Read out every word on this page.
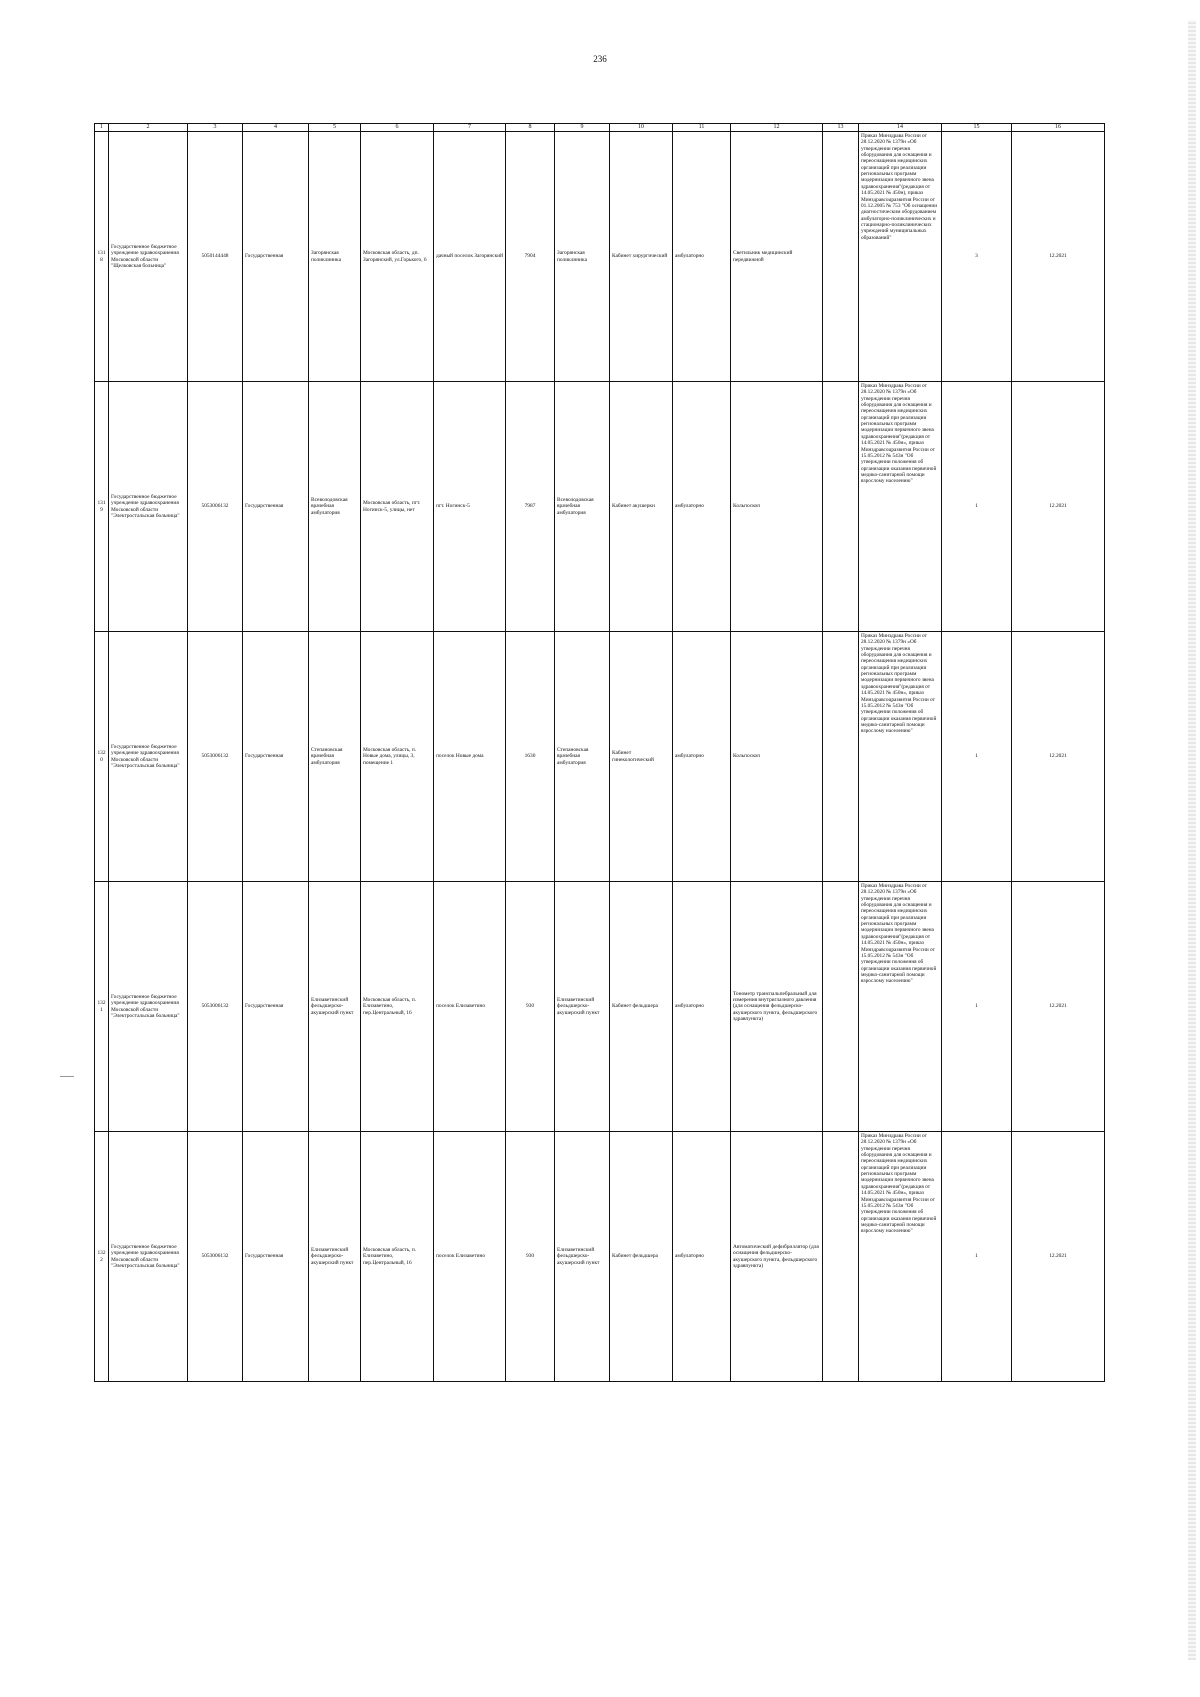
236
1	2	3	4	5	6	7	8	9	10	11	12	13	14	15	16
1318	Государственное бюджетное учреждение здравоохранения Московской области "Щелковская больница"	5050144448	Государственная	Загорянская поликлиника	Московская область, дп. Загорянский, ул.Горького, 6	дачный поселок Загорянский	7904	Загорянская поликлиника	Кабинет хирургический	амбулаторно	Светильник медицинский передвижной		Приказ Минздрава России от 28.12.2020 № 1379н «Об утверждении перечня оборудования для оснащения и переоснащения медицинских организаций при реализации региональных программ модернизации первичного звена здравоохранения"(редакция от 14.05.2021 № 450н), приказ Минздравсоцразвития России от 01.12.2005 № 753 "Об оснащении диагностическим оборудованием амбулаторно-поликлинических и стационарно-поликлинических учреждений муниципальных образований"	3	12.2021
1319	Государственное бюджетное учреждение здравоохранения Московской области "Электростальская больница"	5053006132	Государственная	Всеволодовская врачебная амбулатория	Московская область, пгт. Ногинск-5, улицы, нет	пгт. Ногинск-5	7987	Всеволодовская врачебная амбулатория	Кабинет акушерки	амбулаторно	Кольпоскоп		Приказ Минздрава России от 28.12.2020 № 1379н «Об утверждении перечня оборудования для оснащения и переоснащения медицинских организаций при реализации региональных программ модернизации первичного звена здравоохранения"(редакция от 14.05.2021 № 450н», приказ Минздравсоцразвития России от 15.05.2012 № 543н "Об утверждении положения об организации оказания первичной медико-санитарной помощи взрослому населению"	1	12.2021
1320	Государственное бюджетное учреждение здравоохранения Московской области "Электростальская больница"	5053006132	Государственная	Степановская врачебная амбулатория	Московская область, п. Новые дома, улицы, 3, помещение 1	поселок Новые дома	1630	Степановская врачебная амбулатория	Кабинет гинекологический	амбулаторно	Кольпоскоп		Приказ Минздрава России от 28.12.2020 № 1379н «Об утверждении перечня оборудования для оснащения и переоснащения медицинских организаций при реализации региональных программ модернизации первичного звена здравоохранения"(редакция от 14.05.2021 № 450н», приказ Минздравсоцразвития России от 15.05.2012 № 543н "Об утверждении положения об организации оказания первичной медико-санитарной помощи взрослому населению"	1	12.2021
1321	Государственное бюджетное учреждение здравоохранения Московской области "Электростальская больница"	5053006132	Государственная	Елизаветинский фельдшерско-акушерский пункт	Московская область, п. Елизаветино, пер.Центральный, 16	поселок Елизаветино	930	Елизаветинский фельдшерско-акушерский пункт	Кабинет фельдшера	амбулаторно	Тонометр транспальпебральный для измерения внутриглазного давления (для оснащения фельдшерско-акушерского пункта, фельдшерского здравпункта)		Приказ Минздрава России от 28.12.2020 № 1379н «Об утверждении перечня оборудования для оснащения и переоснащения медицинских организаций при реализации региональных программ модернизации первичного звена здравоохранения"(редакция от 14.05.2021 № 450н», приказ Минздравсоцразвития России от 15.05.2012 № 543н "Об утверждении положения об организации оказания первичной медико-санитарной помощи взрослому населению"	1	12.2021
1322	Государственное бюджетное учреждение здравоохранения Московской области "Электростальская больница"	5053006132	Государственная	Елизаветинский фельдшерско-акушерский пункт	Московская область, п. Елизаветино, пер.Центральный, 16	поселок Елизаветино	930	Елизаветинский фельдшерско-акушерский пункт	Кабинет фельдшера	амбулаторно	Автоматический дефибриллятор (для оснащения фельдшерско-акушерского пункта, фельдшерского здравпункта)		Приказ Минздрава России от 28.12.2020 № 1379н «Об утверждении перечня оборудования для оснащения и переоснащения медицинских организаций при реализации региональных программ модернизации первичного звена здравоохранения"(редакция от 14.05.2021 № 450н», приказ Минздравсоцразвития России от 15.05.2012 № 543н "Об утверждении положения об организации оказания первичной медико-санитарной помощи взрослому населению"	1	12.2021
